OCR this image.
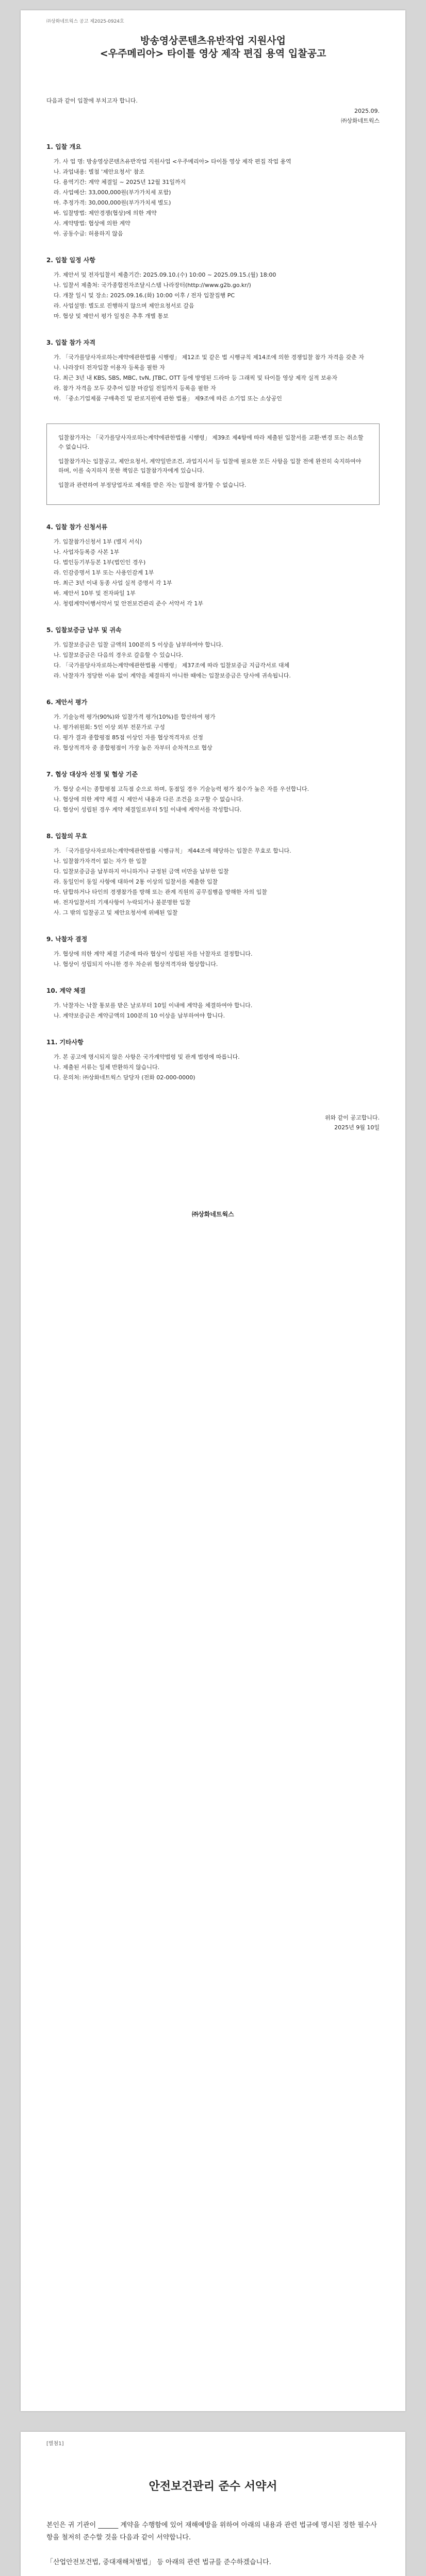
㈜상화네트웍스 공고 제2025-0924호
방송영상콘텐츠유반작업 지원사업
<우주메리아> 타이틀 영상 제작 편집 용역 입찰공고
다음과 같이 입찰에 부치고자 합니다.
2025.09.
㈜상화네트웍스
1. 입찰 개요
가. 사 업 명: 방송영상콘텐츠유반작업 지원사업 <우주메리아> 타이틀 영상 제작 편집 작업 용역
나. 과업내용: 별첨 '제안요청서' 참조
다. 용역기간: 계약 체결일 ~ 2025년 12월 31일까지
라. 사업예산: 33,000,000원(부가가치세 포함)
마. 추정가격: 30,000,000원(부가가치세 별도)
바. 입찰방법: 제안경쟁(협상)에 의한 계약
사. 계약방법: 협상에 의한 계약
아. 공동수급: 허용하지 않음
2. 입찰 일정 사항
가. 제안서 및 전자입찰서 제출기간: 2025.09.10.(수) 10:00 ~ 2025.09.15.(월) 18:00
나. 입찰서 제출처: 국가종합전자조달시스템 나라장터(http://www.g2b.go.kr/)
다. 개찰 일시 및 장소: 2025.09.16.(화) 10:00 이후 / 전자 입찰집행 PC
라. 사업설명: 별도로 진행하지 않으며 제안요청서로 갈음
마. 협상 및 제안서 평가 일정은 추후 개별 통보
3. 입찰 참가 자격
가. 「국가를당사자로하는계약에관한법률 시행령」 제12조 및 같은 법 시행규칙 제14조에 의한 경쟁입찰 참가 자격을 갖춘 자
나. 나라장터 전자입찰 이용자 등록을 필한 자
다. 최근 3년 내 KBS, SBS, MBC, tvN, JTBC, OTT 등에 방영된 드라마 등 그래픽 및 타이틀 영상 제작 실적 보유자
라. 참가 자격을 모두 갖추어 입찰 마감일 전일까지 등록을 필한 자
마. 「중소기업제품 구매촉진 및 판로지원에 관한 법률」 제9조에 따른 소기업 또는 소상공인
입찰참가자는 「국가를당사자로하는계약에관한법률 시행령」 제39조 제4항에 따라 제출된 입찰서를 교환·변경 또는 취소할 수 없습니다.
입찰참가자는 입찰공고, 제안요청서, 계약일반조건, 과업지시서 등 입찰에 필요한 모든 사항을 입찰 전에 완전히 숙지하여야 하며, 이를 숙지하지 못한 책임은 입찰참가자에게 있습니다.
입찰과 관련하여 부정당업자로 제재를 받은 자는 입찰에 참가할 수 없습니다.
4. 입찰 참가 신청서류
가. 입찰참가신청서 1부 (별지 서식)
나. 사업자등록증 사본 1부
다. 법인등기부등본 1부(법인인 경우)
라. 인감증명서 1부 또는 사용인감계 1부
마. 최근 3년 이내 동종 사업 실적 증명서 각 1부
바. 제안서 10부 및 전자파일 1부
사. 청렴계약이행서약서 및 안전보건관리 준수 서약서 각 1부
5. 입찰보증금 납부 및 귀속
가. 입찰보증금은 입찰 금액의 100분의 5 이상을 납부하여야 합니다.
나. 입찰보증금은 다음의 경우로 갈음할 수 있습니다.
다. 「국가를당사자로하는계약에관한법률 시행령」 제37조에 따라 입찰보증금 지급각서로 대체
라. 낙찰자가 정당한 이유 없이 계약을 체결하지 아니한 때에는 입찰보증금은 당사에 귀속됩니다.
6. 제안서 평가
가. 기술능력 평가(90%)와 입찰가격 평가(10%)를 합산하여 평가
나. 평가위원회: 5인 이상 외부 전문가로 구성
다. 평가 결과 종합평점 85점 이상인 자를 협상적격자로 선정
라. 협상적격자 중 종합평점이 가장 높은 자부터 순차적으로 협상
7. 협상 대상자 선정 및 협상 기준
가. 협상 순서는 종합평점 고득점 순으로 하며, 동점일 경우 기술능력 평가 점수가 높은 자를 우선합니다.
나. 협상에 의한 계약 체결 시 제안서 내용과 다른 조건을 요구할 수 없습니다.
다. 협상이 성립된 경우 계약 체결일로부터 5일 이내에 계약서를 작성합니다.
8. 입찰의 무효
가. 「국가를당사자로하는계약에관한법률 시행규칙」 제44조에 해당하는 입찰은 무효로 합니다.
나. 입찰참가자격이 없는 자가 한 입찰
다. 입찰보증금을 납부하지 아니하거나 규정된 금액 미만을 납부한 입찰
라. 동일인이 동일 사항에 대하여 2통 이상의 입찰서를 제출한 입찰
마. 담합하거나 타인의 경쟁참가를 방해 또는 관계 직원의 공무집행을 방해한 자의 입찰
바. 전자입찰서의 기재사항이 누락되거나 불분명한 입찰
사. 그 밖의 입찰공고 및 제안요청서에 위배된 입찰
9. 낙찰자 결정
가. 협상에 의한 계약 체결 기준에 따라 협상이 성립된 자를 낙찰자로 결정합니다.
나. 협상이 성립되지 아니한 경우 차순위 협상적격자와 협상합니다.
10. 계약 체결
가. 낙찰자는 낙찰 통보를 받은 날로부터 10일 이내에 계약을 체결하여야 합니다.
나. 계약보증금은 계약금액의 100분의 10 이상을 납부하여야 합니다.
11. 기타사항
가. 본 공고에 명시되지 않은 사항은 국가계약법령 및 관계 법령에 따릅니다.
나. 제출된 서류는 일체 반환하지 않습니다.
다. 문의처: ㈜상화네트웍스 담당자 (전화 02-000-0000)
위와 같이 공고합니다.
2025년 9월 10일
㈜상화네트웍스
[별첨1]
안전보건관리 준수 서약서
본인은 귀 기관이 ______ 계약을 수행함에 있어 재해예방을 위하여 아래의 내용과 관련 법규에 명시된 정한 필수사항을 철저히 준수할 것을 다음과 같이 서약합니다.
「산업안전보건법, 중대재해처벌법」 등 아래의 관련 법규를 준수하겠습니다.
